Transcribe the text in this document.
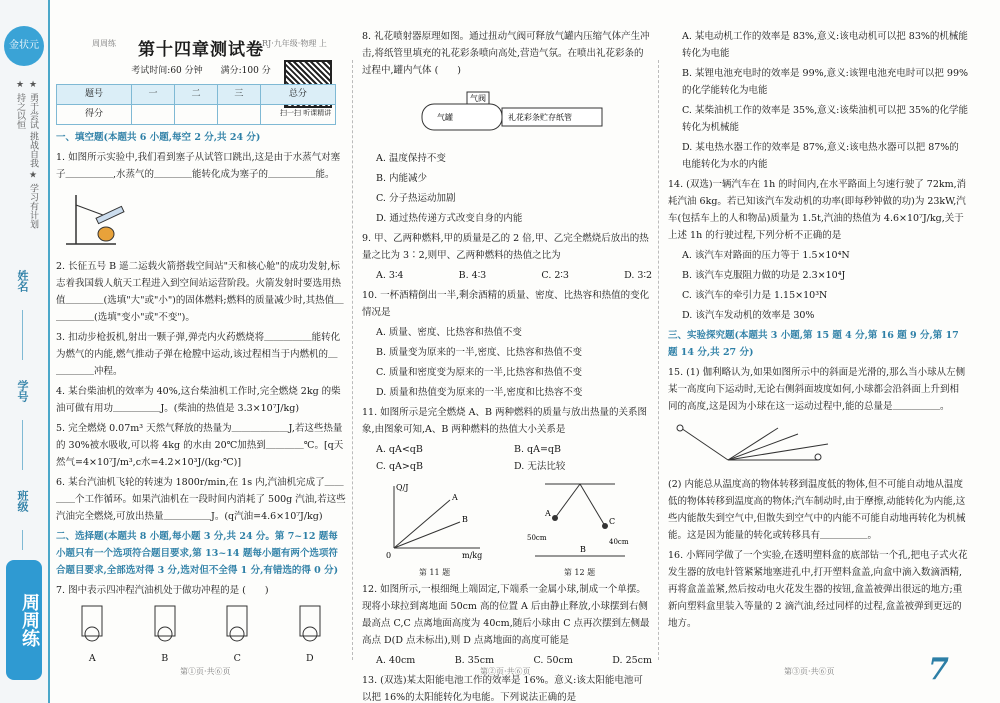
金状元
★ 勇于尝试 挑战自我 ★ 学习有计划 ★ 持之以恒
姓名
学号
班级
周周练
周周练	RJ·九年级·物理 上
扫一扫 听课精讲
第十四章测试卷
考试时间:60 分钟　　满分:100 分
题号	一	二	三	总分
得分				
一、填空题(本题共 6 小题,每空 2 分,共 24 分)
1. 如图所示实验中,我们看到塞子从试管口跳出,这是由于水蒸气对塞子＿＿＿＿＿,水蒸气的＿＿＿＿能转化成为塞子的＿＿＿＿＿能。
2. 长征五号 B 遥二运载火箭搭载空间站"天和核心舱"的成功发射,标志着我国载人航天工程进入到空间站运营阶段。火箭发射时要选用热值＿＿＿＿(选填"大"或"小")的固体燃料;燃料的质量减少时,其热值＿＿＿＿＿(选填"变小"或"不变")。
3. 扣动步枪扳机,射出一颗子弹,弹壳内火药燃烧将＿＿＿＿＿能转化为燃气的内能,燃气推动子弹在枪膛中运动,该过程相当于内燃机的＿＿＿＿＿冲程。
4. 某台柴油机的效率为 40%,这台柴油机工作时,完全燃烧 2kg 的柴油可做有用功＿＿＿＿＿J。(柴油的热值是 3.3×10⁷J/kg)
5. 完全燃烧 0.07m³ 天然气释放的热量为＿＿＿＿＿＿J,若这些热量的 30%被水吸收,可以将 4kg 的水由 20℃加热到＿＿＿＿℃。[q天然气=4×10⁷J/m³,c水=4.2×10³J/(kg·℃)]
6. 某台汽油机飞轮的转速为 1800r/min,在 1s 内,汽油机完成了＿＿＿＿个工作循环。如果汽油机在一段时间内消耗了 500g 汽油,若这些汽油完全燃烧,可放出热量＿＿＿＿＿J。(q汽油=4.6×10⁷J/kg)
二、选择题(本题共 8 小题,每小题 3 分,共 24 分。第 7~12 题每小题只有一个选项符合题目要求,第 13~14 题每小题有两个选项符合题目要求,全部选对得 3 分,选对但不全得 1 分,有错选的得 0 分)
7. 图中表示四冲程汽油机处于做功冲程的是 (　　)
A	B	C	D
8. 礼花喷射器原理如图。通过扭动气阀可释放气罐内压缩气体产生冲击,将纸管里填充的礼花彩条喷向高处,营造气氛。在喷出礼花彩条的过程中,罐内气体 (　　)
气阀
气罐	礼花彩条贮存纸管
A. 温度保持不变
B. 内能减少
C. 分子热运动加剧
D. 通过热传递方式改变自身的内能
9. 甲、乙两种燃料,甲的质量是乙的 2 倍,甲、乙完全燃烧后放出的热量之比为 3∶2,则甲、乙两种燃料的热值之比为
A. 3∶4	B. 4∶3	C. 2∶3	D. 3∶2
10. 一杯酒精倒出一半,剩余酒精的质量、密度、比热容和热值的变化情况是
A. 质量、密度、比热容和热值不变
B. 质量变为原来的一半,密度、比热容和热值不变
C. 质量和密度变为原来的一半,比热容和热值不变
D. 质量和热值变为原来的一半,密度和比热容不变
11. 如图所示是完全燃烧 A、B 两种燃料的质量与放出热量的关系图象,由图象可知,A、B 两种燃料的热值大小关系是
A. qA<qB	B. qA=qB
C. qA>qB	D. 无法比较
Q/J
m/kg
A
B
0
A
C
B
50cm	40cm
第 11 题	第 12 题
12. 如图所示,一根细绳上端固定,下端系一金属小球,制成一个单摆。现将小球拉到离地面 50cm 高的位置 A 后由静止释放,小球摆到右侧最高点 C,C 点离地面高度为 40cm,随后小球由 C 点再次摆到左侧最高点 D(D 点未标出),则 D 点离地面的高度可能是
A. 40cm	B. 35cm	C. 50cm	D. 25cm
13. (双选)某太阳能电池工作的效率是 16%。意义:该太阳能电池可以把 16%的太阳能转化为电能。下列说法正确的是
A. 某电动机工作的效率是 83%,意义:该电动机可以把 83%的机械能转化为电能
B. 某锂电池充电时的效率是 99%,意义:该锂电池充电时可以把 99%的化学能转化为电能
C. 某柴油机工作的效率是 35%,意义:该柴油机可以把 35%的化学能转化为机械能
D. 某电热水器工作的效率是 87%,意义:该电热水器可以把 87%的电能转化为水的内能
14. (双选)一辆汽车在 1h 的时间内,在水平路面上匀速行驶了 72km,消耗汽油 6kg。若已知该汽车发动机的功率(即每秒钟做的功)为 23kW,汽车(包括车上的人和物品)质量为 1.5t,汽油的热值为 4.6×10⁷J/kg,关于上述 1h 的行驶过程,下列分析不正确的是
A. 该汽车对路面的压力等于 1.5×10⁴N
B. 该汽车克服阻力做的功是 2.3×10⁴J
C. 该汽车的牵引力是 1.15×10³N
D. 该汽车发动机的效率是 30%
三、实验探究题(本题共 3 小题,第 15 题 4 分,第 16 题 9 分,第 17 题 14 分,共 27 分)
15. (1) 伽利略认为,如果如图所示中的斜面是光滑的,那么当小球从左侧某一高度向下运动时,无论右侧斜面坡度如何,小球都会沿斜面上升到相同的高度,这是因为小球在这一运动过程中,能的总量是＿＿＿＿＿。
(2) 内能总从温度高的物体转移到温度低的物体,但不可能自动地从温度低的物体转移到温度高的物体;汽车制动时,由于摩擦,动能转化为内能,这些内能散失到空气中,但散失到空气中的内能不可能自动地再转化为机械能。这是因为能量的转化或转移具有＿＿＿＿＿。
16. 小辉同学做了一个实验,在透明塑料盒的底部钻一个孔,把电子式火花发生器的放电针管紧紧地塞进孔中,打开塑料盒盖,向盒中滴入数滴酒精,再将盒盖盖紧,然后按动电火花发生器的按钮,盒盖被弹出很远的地方;重新向塑料盒里装入等量的 2 滴汽油,经过同样的过程,盒盖被弹到更远的地方。
第①页·共⑥页	第②页·共⑥页	第③页·共⑥页	7
